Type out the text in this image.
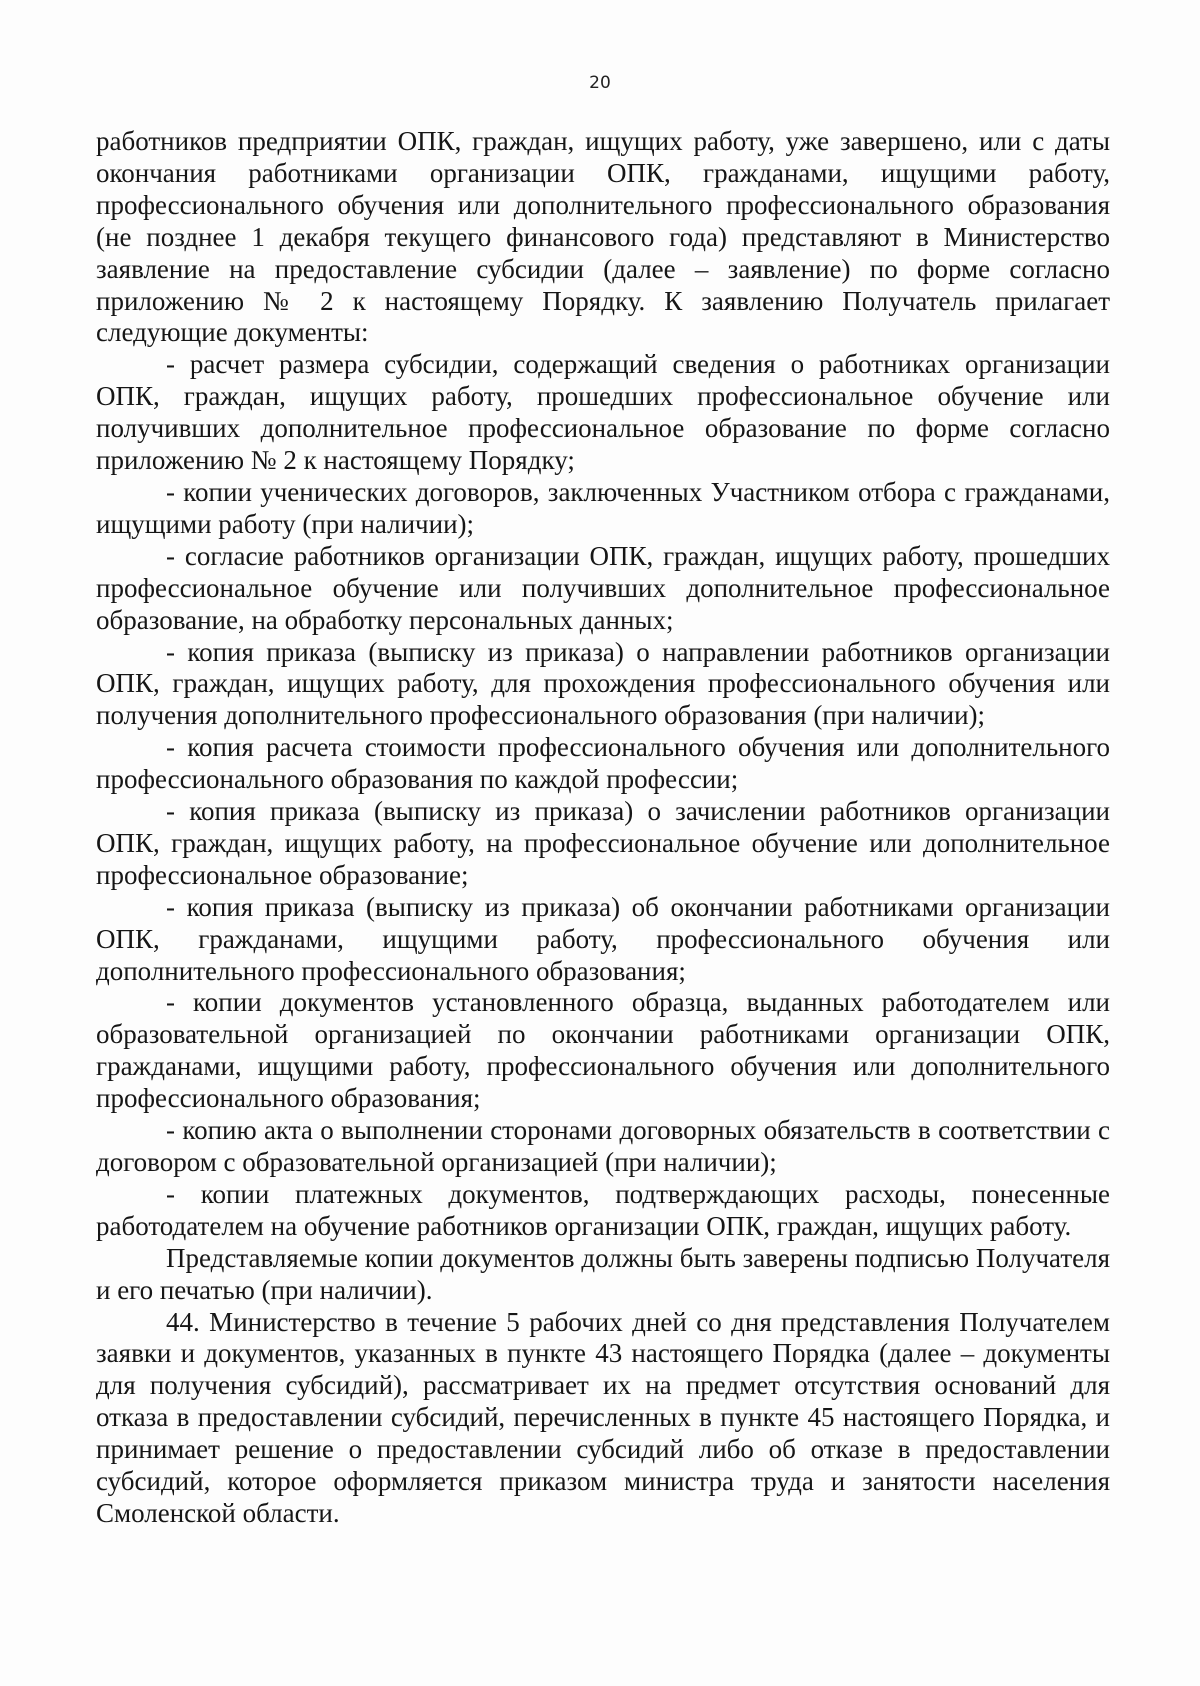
20

работников предприятии ОПК, граждан, ищущих работу, уже завершено, или с даты окончания работниками организации ОПК, гражданами, ищущими работу, профессионального обучения или дополнительного профессионального образования (не позднее 1 декабря текущего финансового года) представляют в Министерство заявление на предоставление субсидии (далее – заявление) по форме согласно приложению № 2 к настоящему Порядку. К заявлению Получатель прилагает следующие документы:

- расчет размера субсидии, содержащий сведения о работниках организации ОПК, граждан, ищущих работу, прошедших профессиональное обучение или получивших дополнительное профессиональное образование по форме согласно приложению № 2 к настоящему Порядку;

- копии ученических договоров, заключенных Участником отбора с гражданами, ищущими работу (при наличии);

- согласие работников организации ОПК, граждан, ищущих работу, прошедших профессиональное обучение или получивших дополнительное профессиональное образование, на обработку персональных данных;

- копия приказа (выписку из приказа) о направлении работников организации ОПК, граждан, ищущих работу, для прохождения профессионального обучения или получения дополнительного профессионального образования (при наличии);

- копия расчета стоимости профессионального обучения или дополнительного профессионального образования по каждой профессии;

- копия приказа (выписку из приказа) о зачислении работников организации ОПК, граждан, ищущих работу, на профессиональное обучение или дополнительное профессиональное образование;

- копия приказа (выписку из приказа) об окончании работниками организации ОПК, гражданами, ищущими работу, профессионального обучения или дополнительного профессионального образования;

- копии документов установленного образца, выданных работодателем или образовательной организацией по окончании работниками организации ОПК, гражданами, ищущими работу, профессионального обучения или дополнительного профессионального образования;

- копию акта о выполнении сторонами договорных обязательств в соответствии с договором с образовательной организацией (при наличии);

- копии платежных документов, подтверждающих расходы, понесенные работодателем на обучение работников организации ОПК, граждан, ищущих работу.

Представляемые копии документов должны быть заверены подписью Получателя и его печатью (при наличии).

44. Министерство в течение 5 рабочих дней со дня представления Получателем заявки и документов, указанных в пункте 43 настоящего Порядка (далее – документы для получения субсидий), рассматривает их на предмет отсутствия оснований для отказа в предоставлении субсидий, перечисленных в пункте 45 настоящего Порядка, и принимает решение о предоставлении субсидий либо об отказе в предоставлении субсидий, которое оформляется приказом министра труда и занятости населения Смоленской области.
